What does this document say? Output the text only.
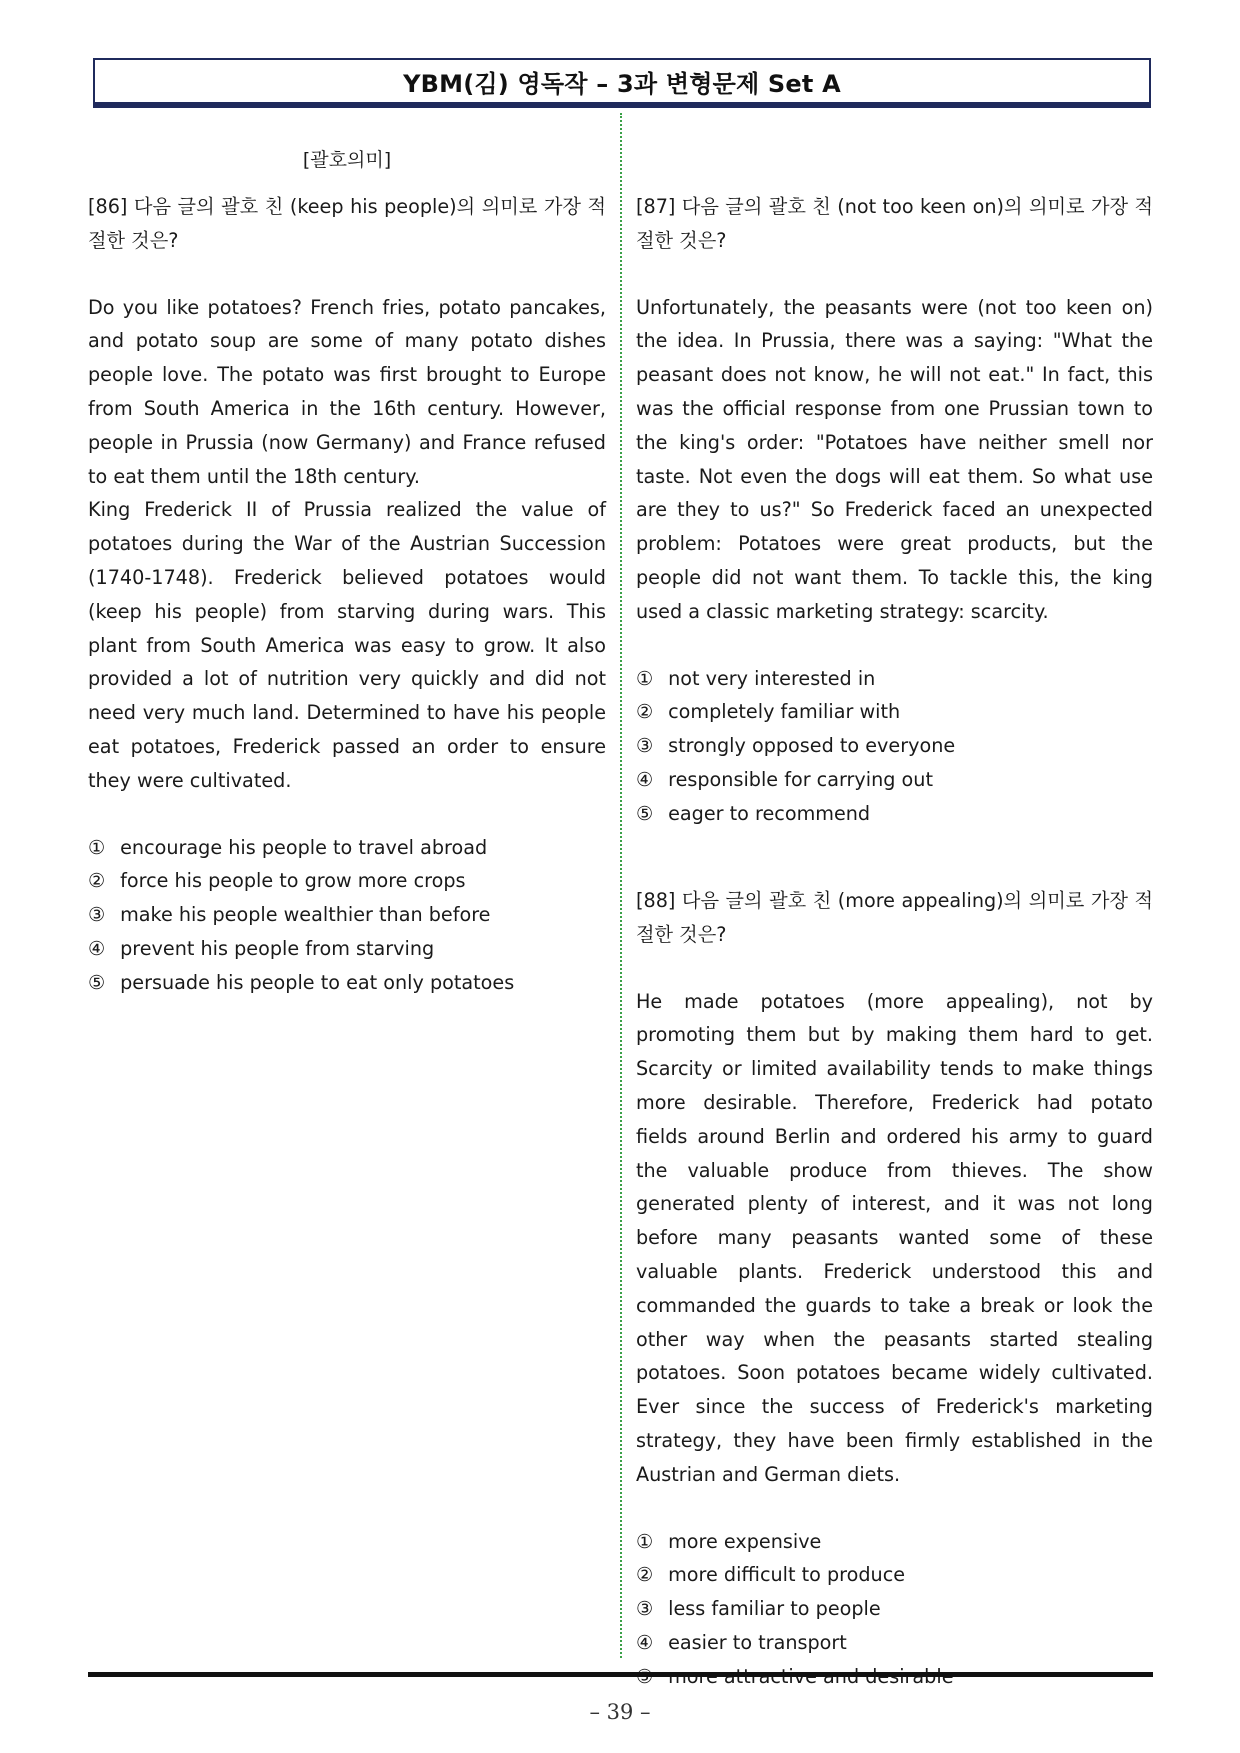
YBM(김) 영독작 – 3과 변형문제 Set A
[괄호의미]
[86] 다음 글의 괄호 친 (keep his people)의 의미로 가장 적절한 것은?

Do you like potatoes? French fries, potato pancakes, and potato soup are some of many potato dishes people love. The potato was first brought to Europe from South America in the 16th century. However, people in Prussia (now Germany) and France refused to eat them until the 18th century.

King Frederick II of Prussia realized the value of potatoes during the War of the Austrian Succession (1740-1748). Frederick believed potatoes would (keep his people) from starving during wars. This plant from South America was easy to grow. It also provided a lot of nutrition very quickly and did not need very much land. Determined to have his people eat potatoes, Frederick passed an order to ensure they were cultivated.

① encourage his people to travel abroad
② force his people to grow more crops
③ make his people wealthier than before
④ prevent his people from starving
⑤ persuade his people to eat only potatoes
[87] 다음 글의 괄호 친 (not too keen on)의 의미로 가장 적절한 것은?

Unfortunately, the peasants were (not too keen on) the idea. In Prussia, there was a saying: "What the peasant does not know, he will not eat." In fact, this was the official response from one Prussian town to the king's order: "Potatoes have neither smell nor taste. Not even the dogs will eat them. So what use are they to us?" So Frederick faced an unexpected problem: Potatoes were great products, but the people did not want them. To tackle this, the king used a classic marketing strategy: scarcity.

① not very interested in
② completely familiar with
③ strongly opposed to everyone
④ responsible for carrying out
⑤ eager to recommend
[88] 다음 글의 괄호 친 (more appealing)의 의미로 가장 적절한 것은?

He made potatoes (more appealing), not by promoting them but by making them hard to get. Scarcity or limited availability tends to make things more desirable. Therefore, Frederick had potato fields around Berlin and ordered his army to guard the valuable produce from thieves. The show generated plenty of interest, and it was not long before many peasants wanted some of these valuable plants. Frederick understood this and commanded the guards to take a break or look the other way when the peasants started stealing potatoes. Soon potatoes became widely cultivated. Ever since the success of Frederick's marketing strategy, they have been firmly established in the Austrian and German diets.

① more expensive
② more difficult to produce
③ less familiar to people
④ easier to transport
– 39 –
